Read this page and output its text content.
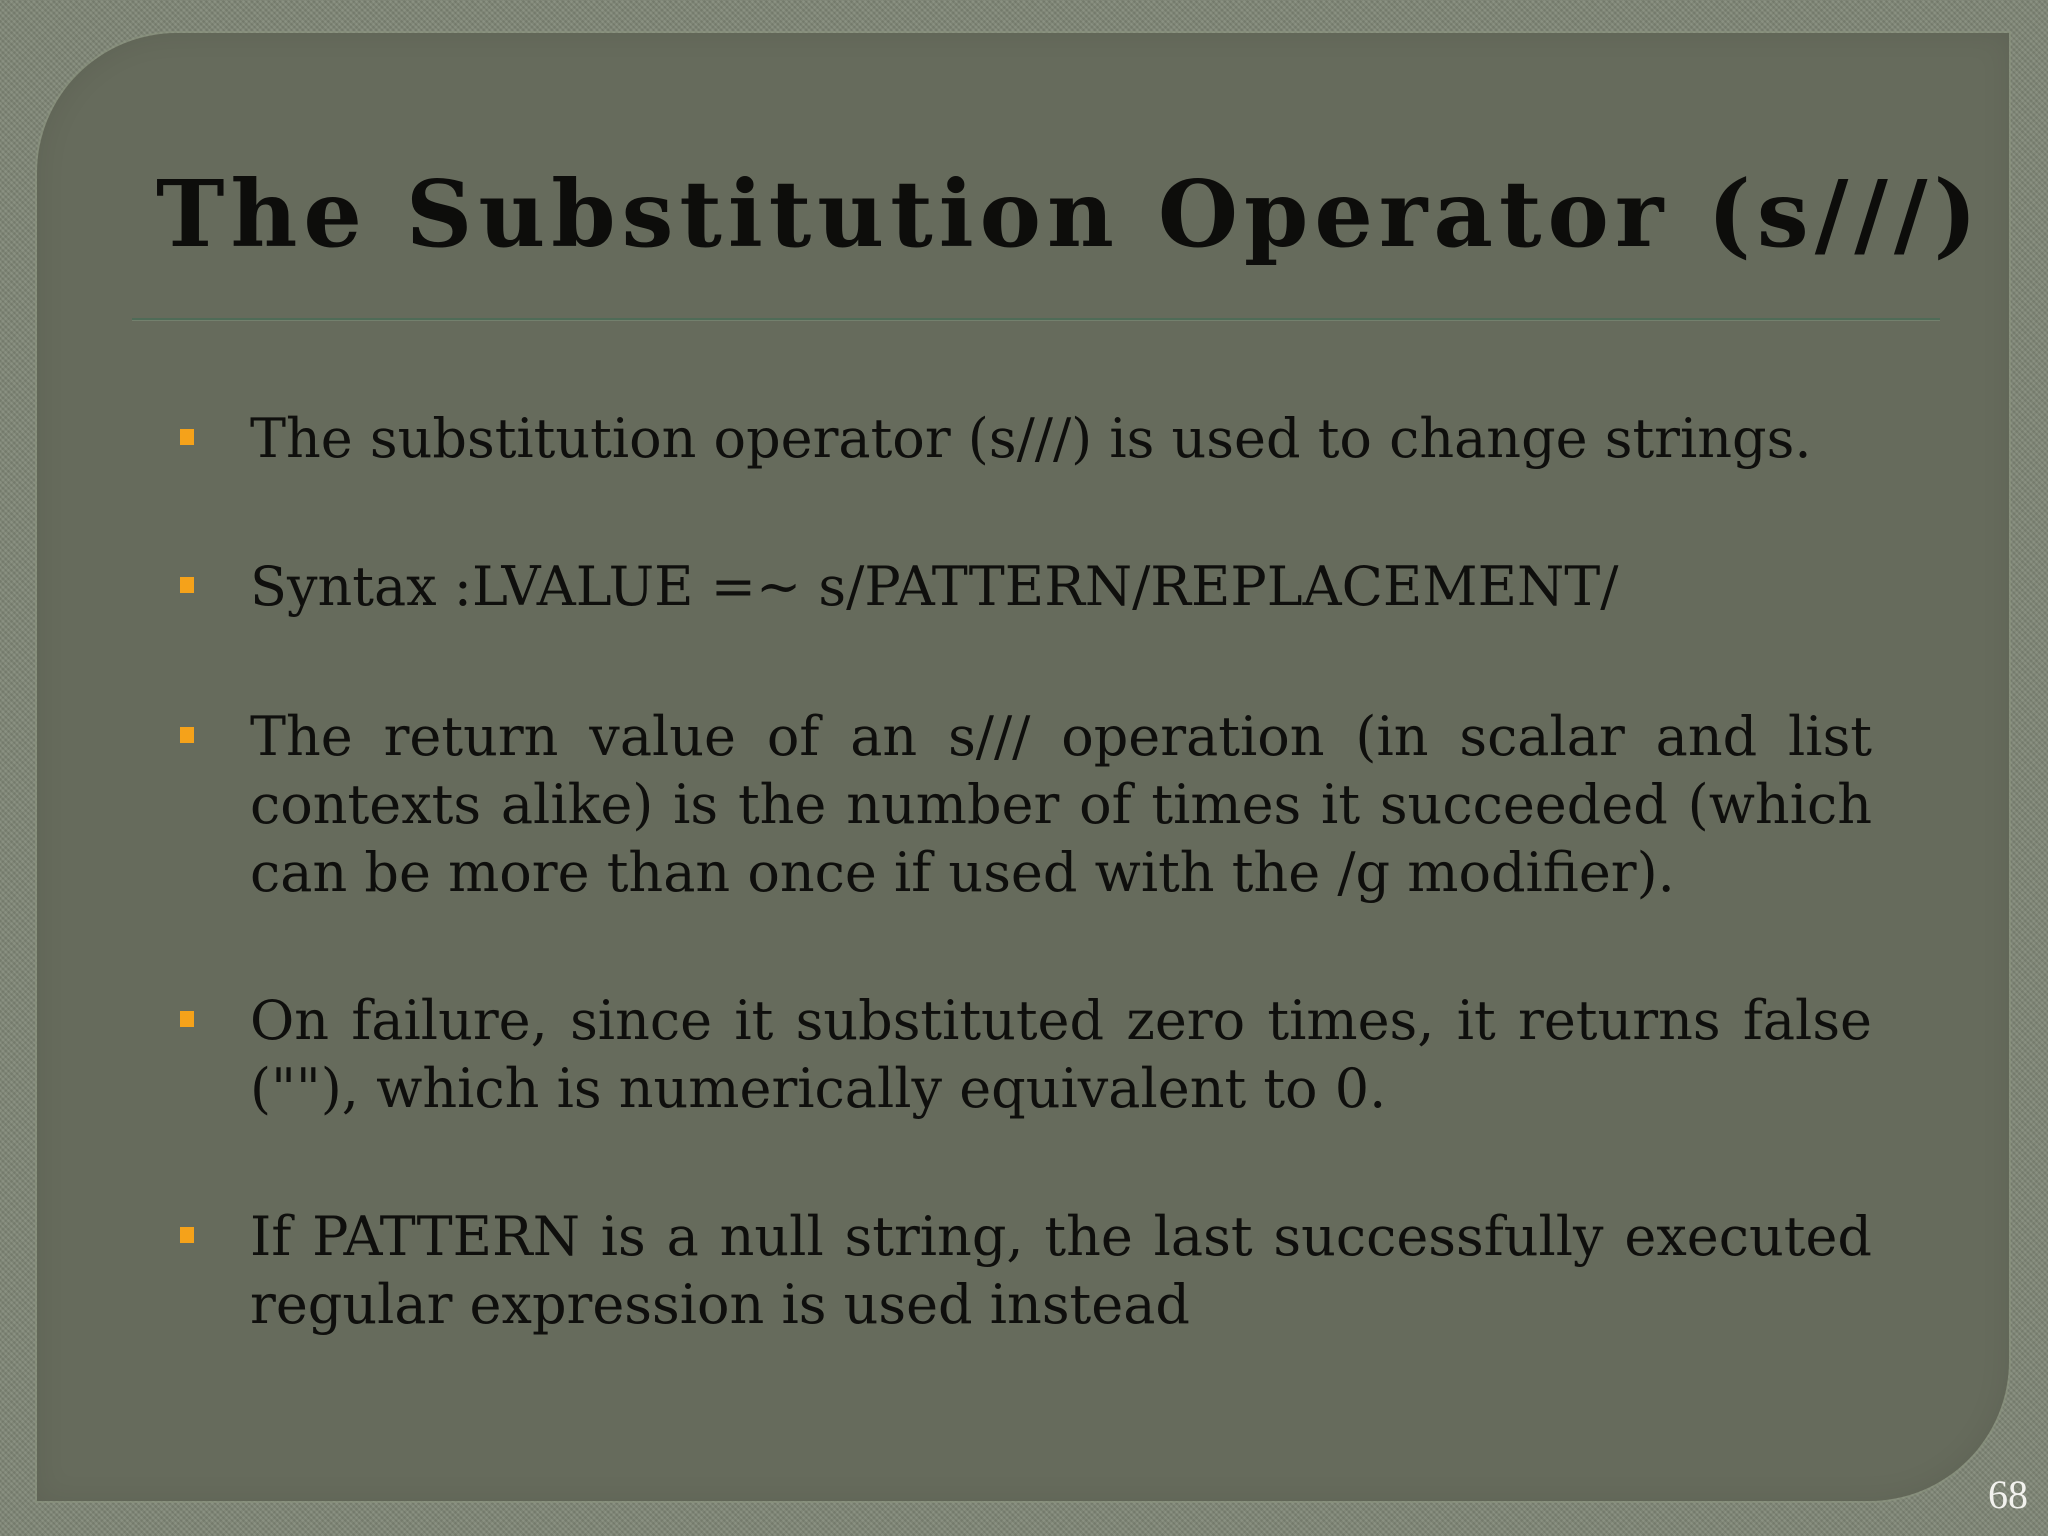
The Substitution Operator (s///)
The substitution operator (s///) is used to change strings.
Syntax :LVALUE =~ s/PATTERN/REPLACEMENT/
The return value of an s/// operation (in scalar and list contexts alike) is the number of times it succeeded (which can be more than once if used with the /g modifier).
On failure, since it substituted zero times, it returns false (""), which is numerically equivalent to 0.
If PATTERN is a null string, the last successfully executed regular expression is used instead
68
